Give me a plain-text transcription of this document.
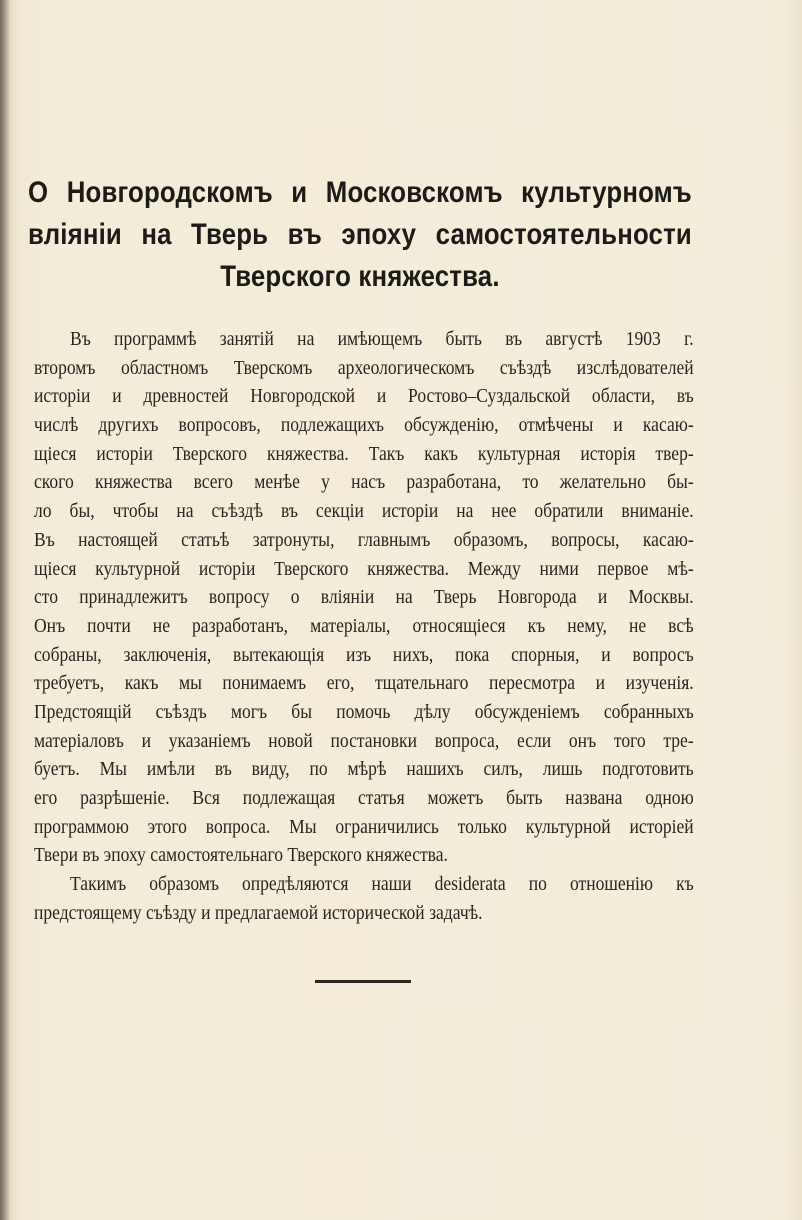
О Новгородскомъ и Московскомъ культурномъ
вліяніи на Тверь въ эпоху самостоятельности
Тверского княжества.
Въ программѣ занятій на имѣющемъ быть въ августѣ 1903 г.
второмъ областномъ Тверскомъ археологическомъ съѣздѣ изслѣдователей
исторіи и древностей Новгородской и Ростово–Суздальской области, въ
числѣ другихъ вопросовъ, подлежащихъ обсужденію, отмѣчены и касаю-
щіеся исторіи Тверского княжества. Такъ какъ культурная исторія твер-
ского княжества всего менѣе у насъ разработана, то желательно бы-
ло бы, чтобы на съѣздѣ въ секціи исторіи на нее обратили вниманіе.
Въ настоящей статьѣ затронуты, главнымъ образомъ, вопросы, касаю-
щіеся культурной исторіи Тверского княжества. Между ними первое мѣ-
сто принадлежитъ вопросу о вліяніи на Тверь Новгорода и Москвы.
Онъ почти не разработанъ, матеріалы, относящіеся къ нему, не всѣ
собраны, заключенія, вытекающія изъ нихъ, пока спорныя, и вопросъ
требуетъ, какъ мы понимаемъ его, тщательнаго пересмотра и изученія.
Предстоящій съѣздъ могъ бы помочь дѣлу обсужденіемъ собранныхъ
матеріаловъ и указаніемъ новой постановки вопроса, если онъ того тре-
буетъ. Мы имѣли въ виду, по мѣрѣ нашихъ силъ, лишь подготовить
его разрѣшеніе. Вся подлежащая статья можетъ быть названа одною
программою этого вопроса. Мы ограничились только культурной исторіей
Твери въ эпоху самостоятельнаго Тверского княжества.
Такимъ образомъ опредѣляются наши desiderata по отношенію къ
предстоящему съѣзду и предлагаемой исторической задачѣ.
